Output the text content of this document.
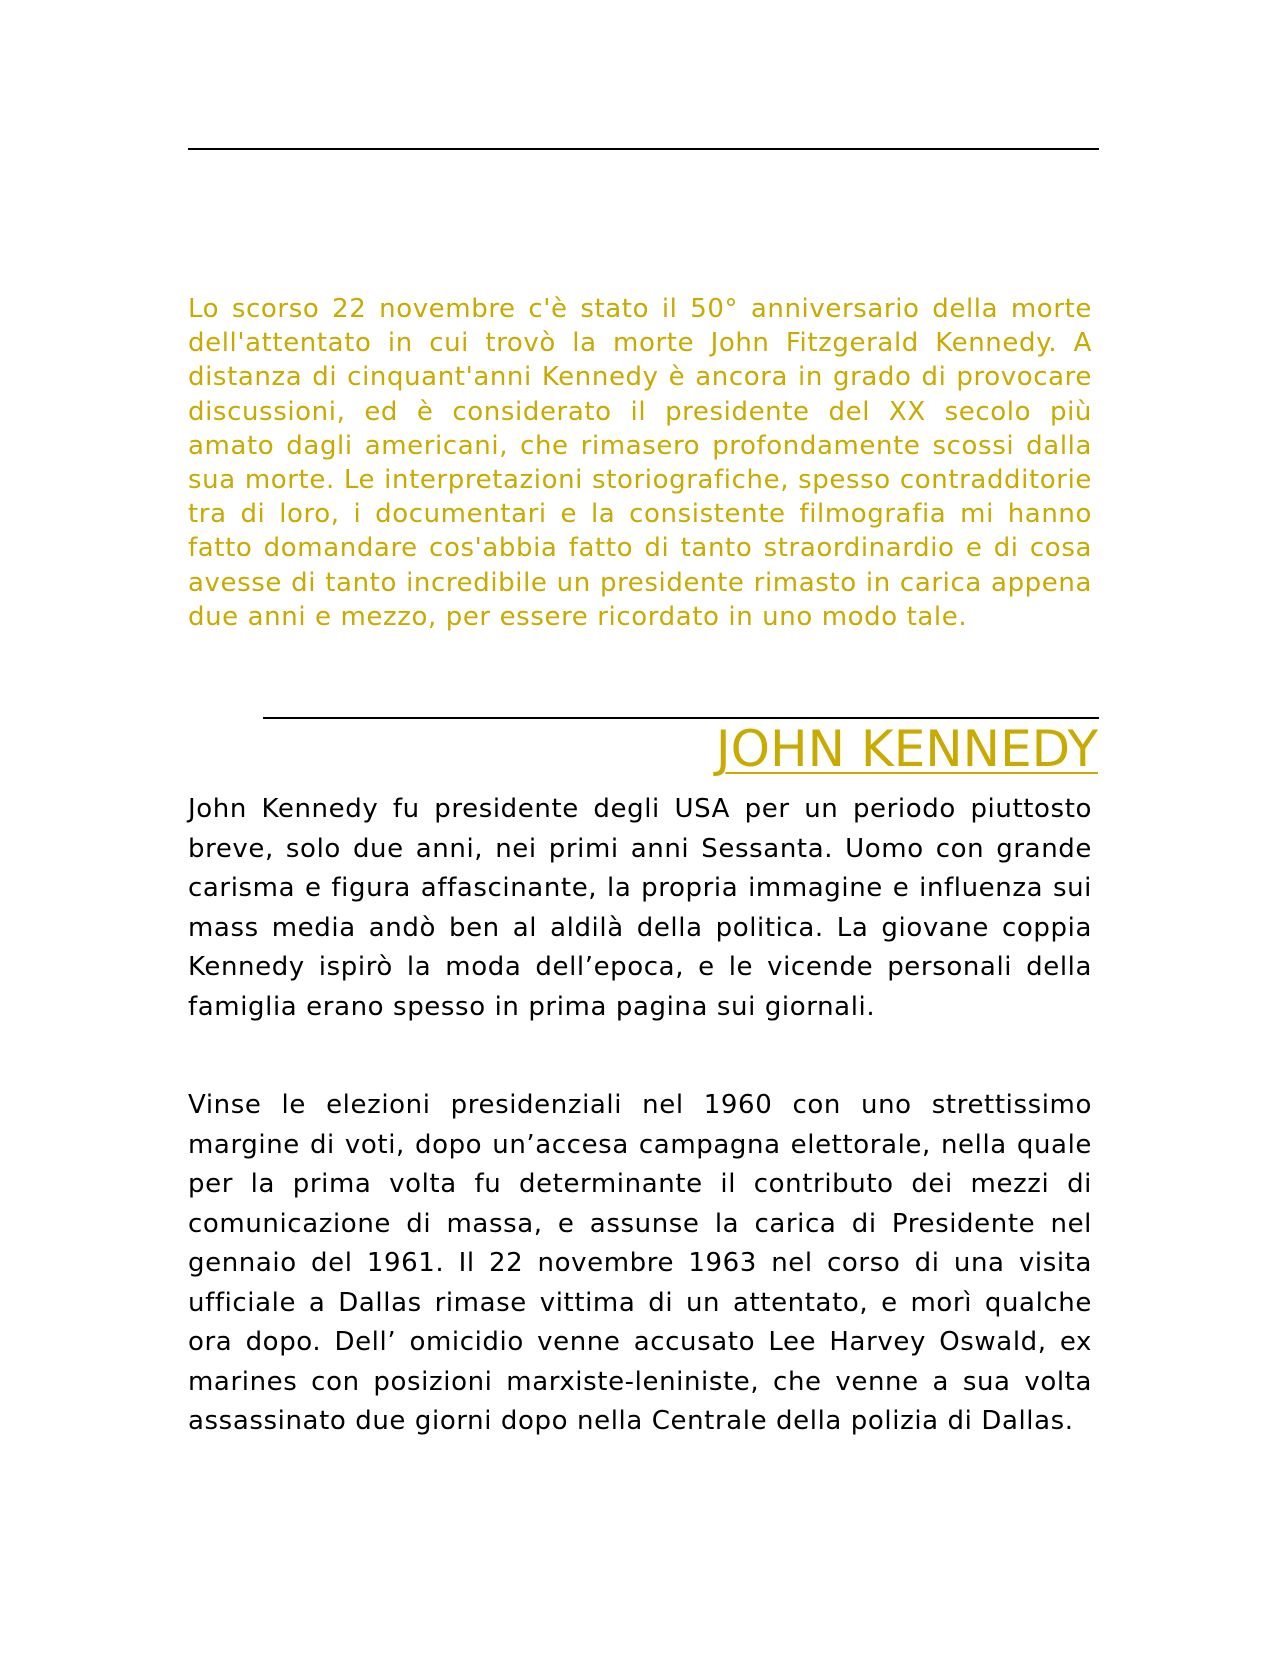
Lo scorso 22 novembre c'è stato il 50° anniversario della morte dell'attentato in cui trovò la morte John Fitzgerald Kennedy. A distanza di cinquant'anni Kennedy è ancora in grado di provocare discussioni, ed è considerato il presidente del XX secolo più amato dagli americani, che rimasero profondamente scossi dalla sua morte. Le interpretazioni storiografiche, spesso contradditorie tra di loro, i documentari e la consistente filmografia mi hanno fatto domandare cos'abbia fatto di tanto straordinardio e di cosa avesse di tanto incredibile un presidente rimasto in carica appena due anni e mezzo, per essere ricordato in uno modo tale.

JOHN KENNEDY

John Kennedy fu presidente degli USA per un periodo piuttosto breve, solo due anni, nei primi anni Sessanta. Uomo con grande carisma e figura affascinante, la propria immagine e influenza sui mass media andò ben al aldilà della politica. La giovane coppia Kennedy ispirò la moda dell’epoca, e le vicende personali della famiglia erano spesso in prima pagina sui giornali.

Vinse le elezioni presidenziali nel 1960 con uno strettissimo margine di voti, dopo un’accesa campagna elettorale, nella quale per la prima volta fu determinante il contributo dei mezzi di comunicazione di massa, e assunse la carica di Presidente nel gennaio del 1961. Il 22 novembre 1963 nel corso di una visita ufficiale a Dallas rimase vittima di un attentato, e morì qualche ora dopo. Dell’ omicidio venne accusato Lee Harvey Oswald, ex marines con posizioni marxiste-leniniste, che venne a sua volta assassinato due giorni dopo nella Centrale della polizia di Dallas.
